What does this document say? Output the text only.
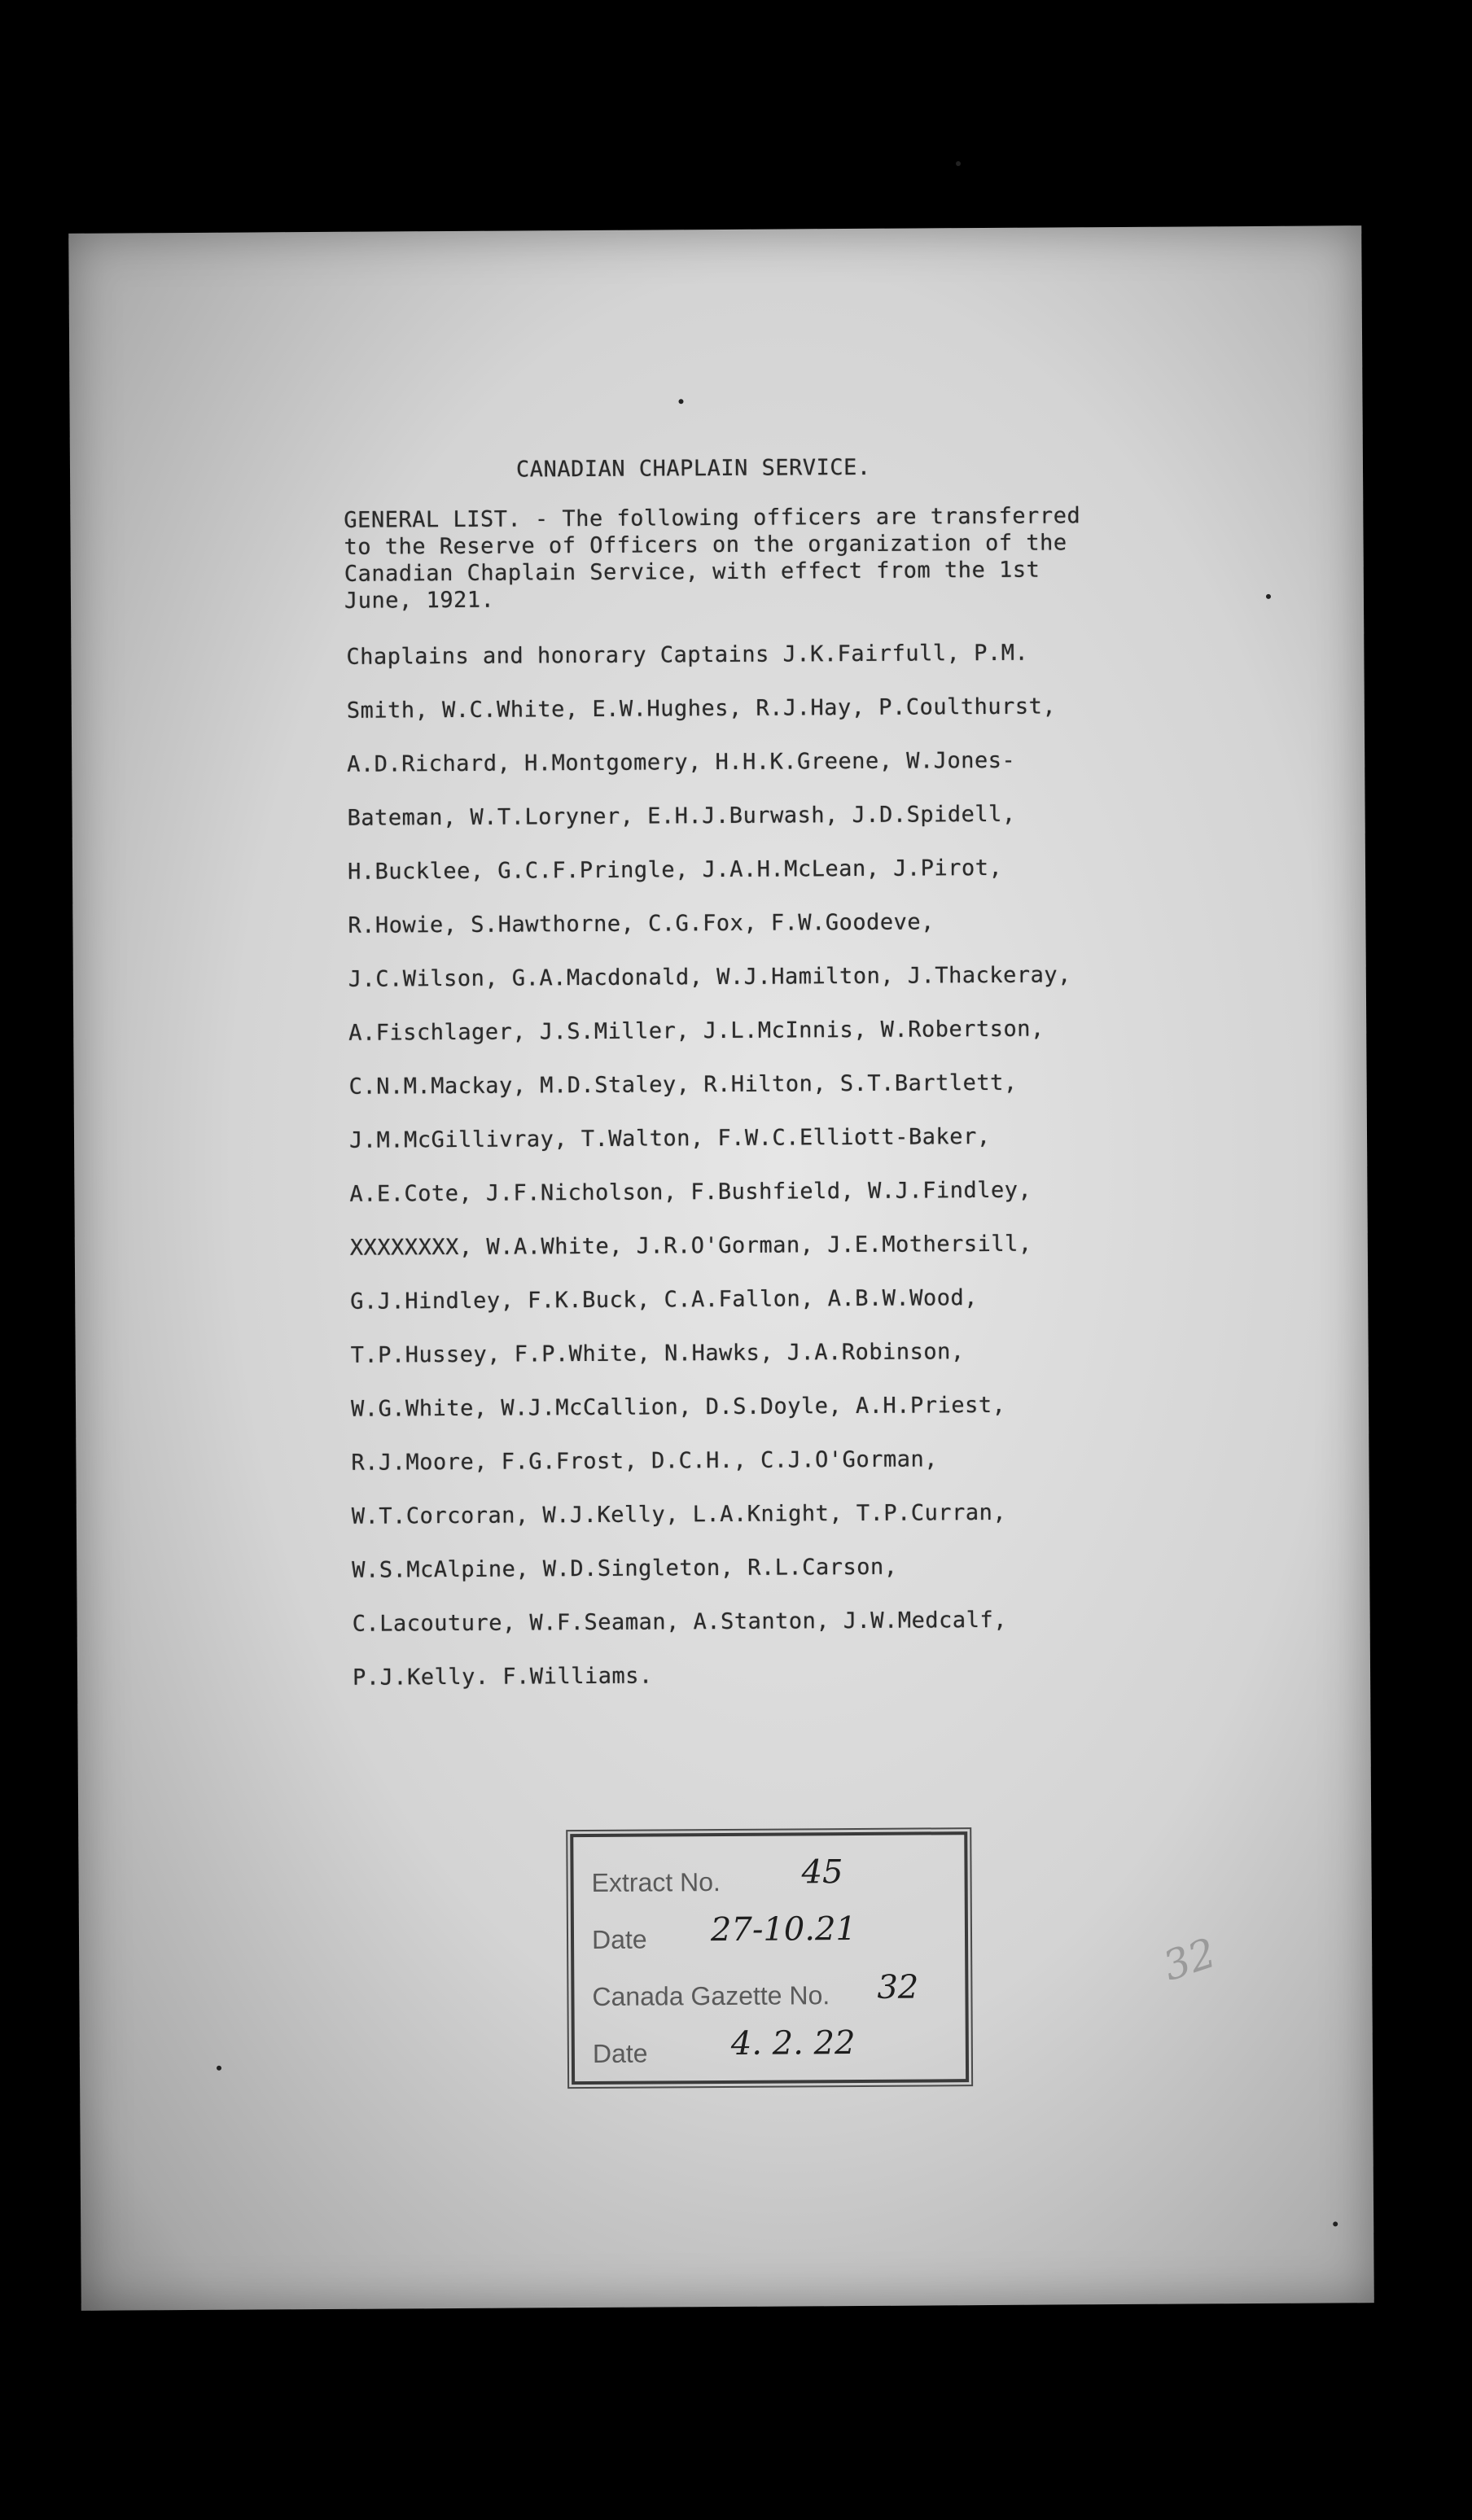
CANADIAN CHAPLAIN SERVICE.
GENERAL LIST. - The following officers are transferred
to the Reserve of Officers on the organization of the
Canadian Chaplain Service, with effect from the 1st
June, 1921.
Chaplains and honorary Captains J.K.Fairfull, P.M.
Smith, W.C.White, E.W.Hughes, R.J.Hay, P.Coulthurst,
A.D.Richard, H.Montgomery, H.H.K.Greene, W.Jones-
Bateman, W.T.Loryner, E.H.J.Burwash, J.D.Spidell,
H.Bucklee, G.C.F.Pringle, J.A.H.McLean, J.Pirot,
R.Howie, S.Hawthorne, C.G.Fox, F.W.Goodeve,
J.C.Wilson, G.A.Macdonald, W.J.Hamilton, J.Thackeray,
A.Fischlager, J.S.Miller, J.L.McInnis, W.Robertson,
C.N.M.Mackay, M.D.Staley, R.Hilton, S.T.Bartlett,
J.M.McGillivray, T.Walton, F.W.C.Elliott-Baker,
A.E.Cote, J.F.Nicholson, F.Bushfield, W.J.Findley,
XXXXXXXX, W.A.White, J.R.O'Gorman, J.E.Mothersill,
G.J.Hindley, F.K.Buck, C.A.Fallon, A.B.W.Wood,
T.P.Hussey, F.P.White, N.Hawks, J.A.Robinson,
W.G.White, W.J.McCallion, D.S.Doyle, A.H.Priest,
R.J.Moore, F.G.Frost, D.C.H., C.J.O'Gorman,
W.T.Corcoran, W.J.Kelly, L.A.Knight, T.P.Curran,
W.S.McAlpine, W.D.Singleton, R.L.Carson,
C.Lacouture, W.F.Seaman, A.Stanton, J.W.Medcalf,
P.J.Kelly. F.Williams.
Extract No. 45
Date 27-10.21
Canada Gazette No. 32
Date	4. 2. 22
32
